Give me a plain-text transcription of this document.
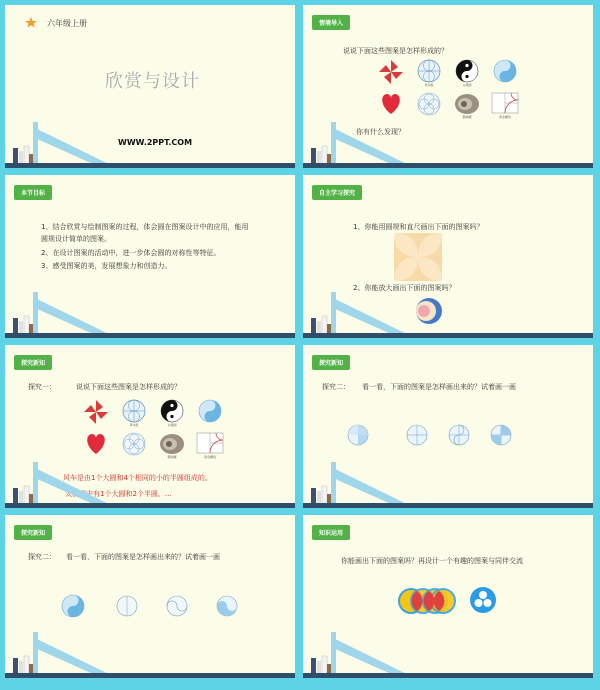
六年级上册
欣赏与设计
WWW.2PPT.COM
情境导入
说说下面这些图案是怎样形成的？
风车组	太极图
鹦鹉螺	黄金螺线
你有什么发现？
本节目标
1、结合欣赏与绘制图案的过程，体会圆在图案设计中的应用，能用
圆规设计简单的图案。
2、在设计图案的活动中，进一步体会圆的对称性等特征。
3、感受图案的美，发展想象力和创造力。
自主学习探究
1、你能用圆规和直尺画出下面的图案吗？
2、你能放大画出下面的图案吗？
探究新知
探究一：	说说下面这些图案是怎样形成的？
风车组	太极图
鹦鹉螺	黄金螺线
风车是由1个大圆和4个相同的小的半圆组成的。
太极图中有1个大圆和2个半圆。…
探究新知
探究二： 看一看，下面的图案是怎样画出来的？试着画一画
探究新知
探究二： 看一看，下面的图案是怎样画出来的？试着画一画
知识运用
你能画出下面的图案吗？再设计一个有趣的图案与同伴交流
